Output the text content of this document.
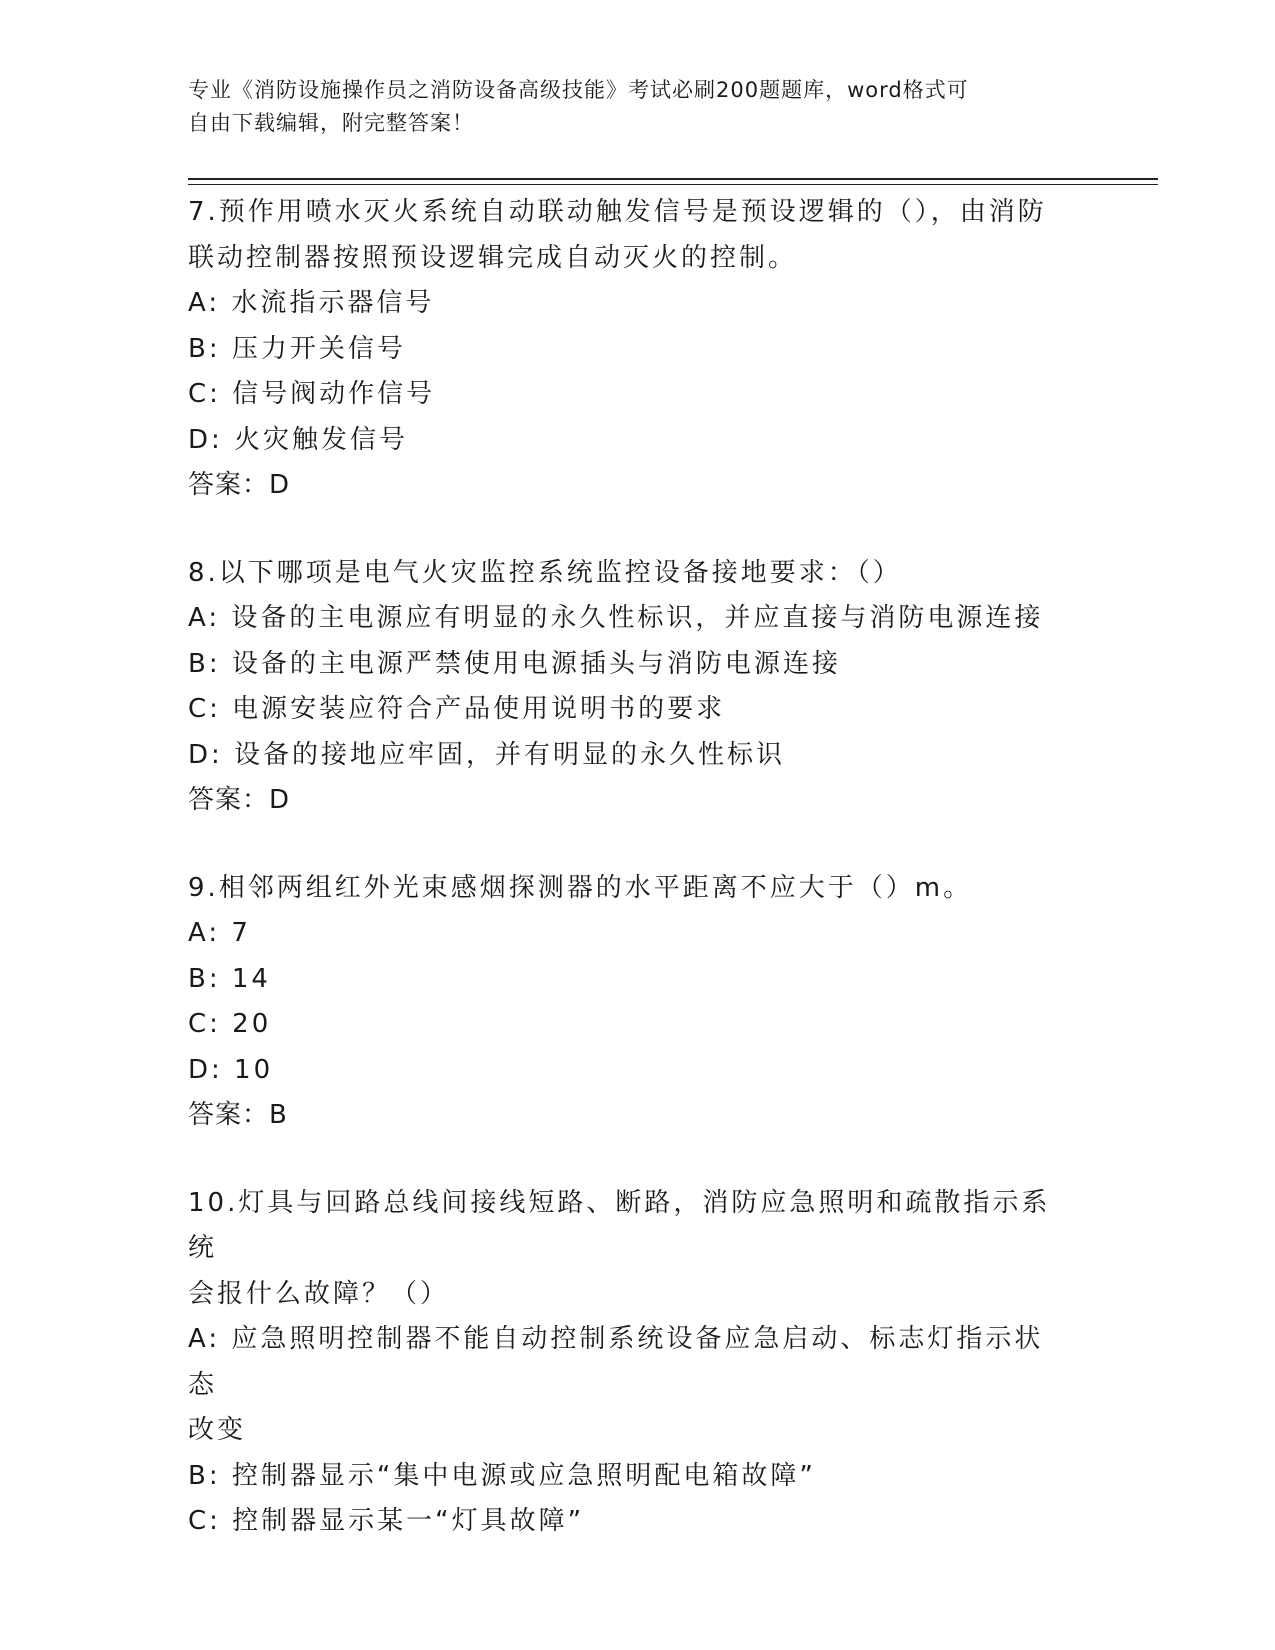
专业《消防设施操作员之消防设备高级技能》考试必刷200题题库，word格式可
自由下载编辑，附完整答案！
7.预作用喷水灭火系统自动联动触发信号是预设逻辑的（），由消防
联动控制器按照预设逻辑完成自动灭火的控制。
A: 水流指示器信号
B: 压力开关信号
C: 信号阀动作信号
D: 火灾触发信号
答案：D
8.以下哪项是电气火灾监控系统监控设备接地要求：（）
A: 设备的主电源应有明显的永久性标识，并应直接与消防电源连接
B: 设备的主电源严禁使用电源插头与消防电源连接
C: 电源安装应符合产品使用说明书的要求
D: 设备的接地应牢固，并有明显的永久性标识
答案：D
9.相邻两组红外光束感烟探测器的水平距离不应大于（）m。
A: 7
B: 14
C: 20
D: 10
答案：B
10.灯具与回路总线间接线短路、断路，消防应急照明和疏散指示系统
会报什么故障？（）
A: 应急照明控制器不能自动控制系统设备应急启动、标志灯指示状态
改变
B: 控制器显示“集中电源或应急照明配电箱故障”
C: 控制器显示某一“灯具故障”
